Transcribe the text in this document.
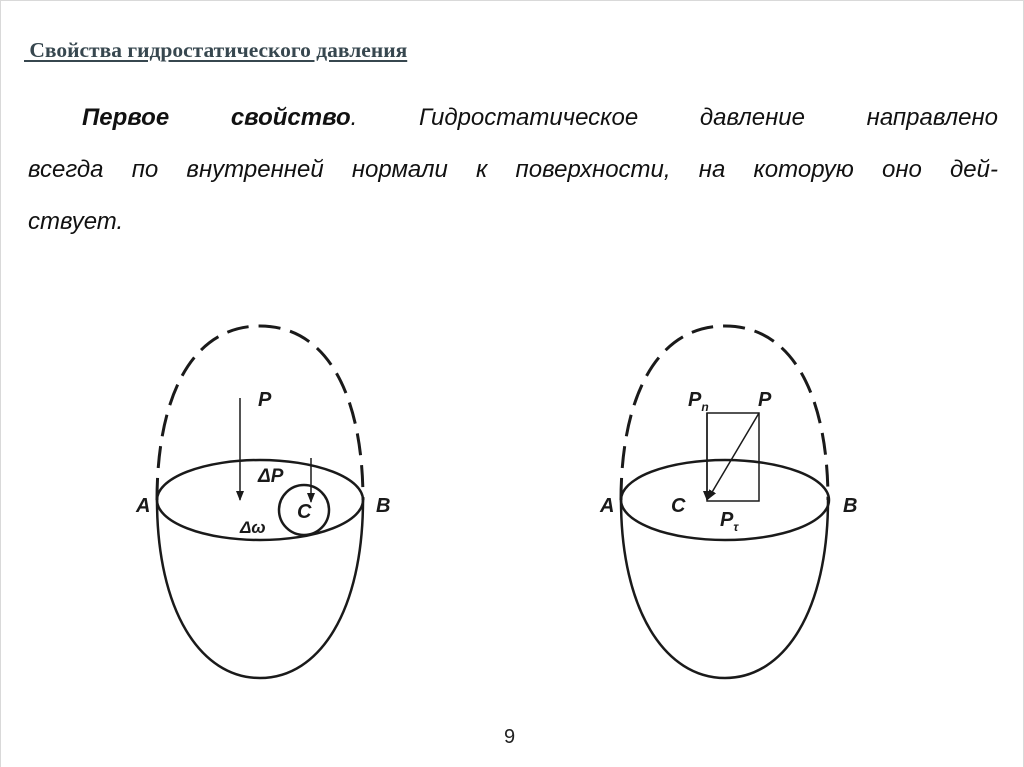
Свойства гидростатического давления
Первое свойство. Гидростатическое давление направлено
всегда по внутренней нормали к поверхности, на которую оно дей-
ствует.
A	B
P
ΔP
C
Δω
A	B
$P_n$ P
C
$P_\tau$
9
